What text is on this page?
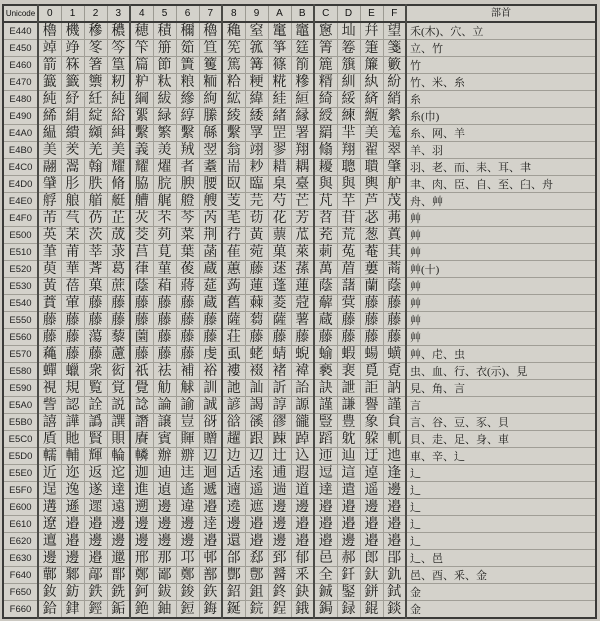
Unicode	0	1	2	3	4	5	6	7	8	9	A	B	C	D	E	F	部首
E440	櫓	機	穇	穠	穂	積	穪	穭	穐	窒	竃	竈	窻	圸	幷	望	禾(木)、穴、立
E450	竨	竫	笗	笒	笇	笧	筎	笪	筅	箛	箏	筳	箐	箞	箑	箋	立、竹
E460	箭	箖	箸	篁	篇	節	簀	籆	篤	篝	篠	箾	簏	籏	簾	籔	竹
E470	籖	籤	籞	籾	粐	粏	粮	粫	粭	粳	糀	糝	糈	紃	紈	紛	竹、米、糸
E480	純	紓	紝	純	綱	紱	縿	絇	絋	緯	絓	絙	綺	綏	緕	綃	糸
E490	絺	絹	綻	綌	綤	緑	綧	縢	綾	緌	緒	縁	綬	練	緪	縈	糸(巾)
E4A0	緼	繢	纐	緝	繫	繁	繫	緜	繫	罦	罡	署	羂	羋	美	羗	糸、网、羊
E4B0	美	羑	羌	美	義	羙	羢	翌	翁	翊	翏	翔	翛	翔	翟	翠	羊、羽
E4C0	翮	翯	翰	耀	耀	燿	者	耋	耑	耖	耤	耦	耰	聰	聵	肇	羽、老、而、耒、耳、聿
E4D0	肈	肜	胅	脩	脇	脘	腴	腰	臤	臨	臬	臺	與	與	輿	舮	聿、肉、臣、自、至、臼、舟
E4E0	艀	艆	艏	艇	艚	艉	艠	艘	芰	芫	芍	芒	芃	芉	芦	茂	舟、艸
E4F0	芾	芞	芿	芷	苂	芣	芩	芮	芼	苆	花	芳	苕	苷	苾	茀	艸
E500	英	茉	茨	荿	茭	茢	菜	荆	荇	黃	蔈	苽	茺	荒	葱	蒖	艸
E510	茟	莆	莘	莍	莒	莧	葉	菡	萑	菀	菓	萊	莿	菟	菴	萁	艸
E520	萸	華	萕	葛	葎	菫	葰	蔵	蕙	藤	蒁	蓀	萬	葿	蔞	蔏	艸(十)
E530	黃	蓓	菓	蔗	蔭	葙	蔣	莚	蒟	蓮	蓬	蓮	蔭	藷	蘭	蔭	艸
E540	蕡	葷	藤	藤	藤	藤	藤	蔵	舊	蕀	菱	蒄	薢	蓂	藤	藤	艸
E550	藤	藤	藤	藤	藤	藤	藤	藤	薩	蒭	薩	薯	蔵	藤	藤	藤	艸
E560	藤	藤	蕩	藜	薗	藤	藤	藤	荘	藤	藤	藤	藤	藤	藤	藤	艸
E570	蘒	藤	藤	藘	藤	藤	藤	虔	虱	蛯	蜻	蜺	蝓	蝦	蝪	蟥	艸、虍、虫
E580	蟬	蠟	衆	衒	祇	祛	補	裕	褸	裰	褚	褘	褻	裵	覓	覔	虫、血、行、衣(示)、見
E590	視	規	覧	覚	覺	觔	觩	訓	訑	訕	訢	詒	訣	詍	詎	訥	見、角、言
E5A0	訾	認	詮	説	諗	論	諭	誠	諺	謁	諄	謜	謹	謙	譽	謹	言
E5B0	譆	譁	譌	譔	譖	譲	豈	谺	谽	豀	豂	豅	豎	豊	象	貟	言、谷、豆、豕、貝
E5C0	貭	貤	賢	賏	賡	賓	賱	贈	趯	跟	踈	踔	蹈	躭	躱	軏	貝、走、足、身、車
E5D0	轜	輔	輝	輪	轔	辦	辧	辺	边	辺	辻	込	迊	辿	迂	迆	車、辛、辶
E5E0	近	迩	返	迱	迦	迪	迬	迴	适	逺	逋	遐	逗	這	逴	逢	辶
E5F0	逞	逸	遂	達	進	遉	遙	遞	遖	遥	遄	道	達	遣	遥	邊	辶
E600	遘	遜	遝	遠	遡	邊	違	邉	遶	遮	邊	邊	邉	邉	邊	邉	辶
E610	遼	邉	邉	邊	邊	邊	邊	逹	邊	邉	邊	邉	邉	邉	邉	邉	辶
E620	邅	邉	邊	邊	邊	邊	邊	邉	還	邉	邊	邉	邉	邊	邉	邉	辶
E630	邊	邊	邉	邋	邢	那	邛	邨	郃	郄	郅	郁	邑	郝	郎	郘	辶、邑
F640	鄿	鄹	鄗	鄑	鄭	鄙	鄭	鄯	酆	鄷	醤	釆	全	釺	釱	釚	邑、酉、釆、金
F650	釹	鈁	鉄	銑	鈳	鈸	鋑	鉃	鉊	鉏	鉖	鈌	鋮	鋻	鉼	鉽	金
F660	鉿	銉	鋞	銗	銫	鈾	鋀	鋂	鋋	鋎	鋥	鋨	鋦	録	錕	錟	金
